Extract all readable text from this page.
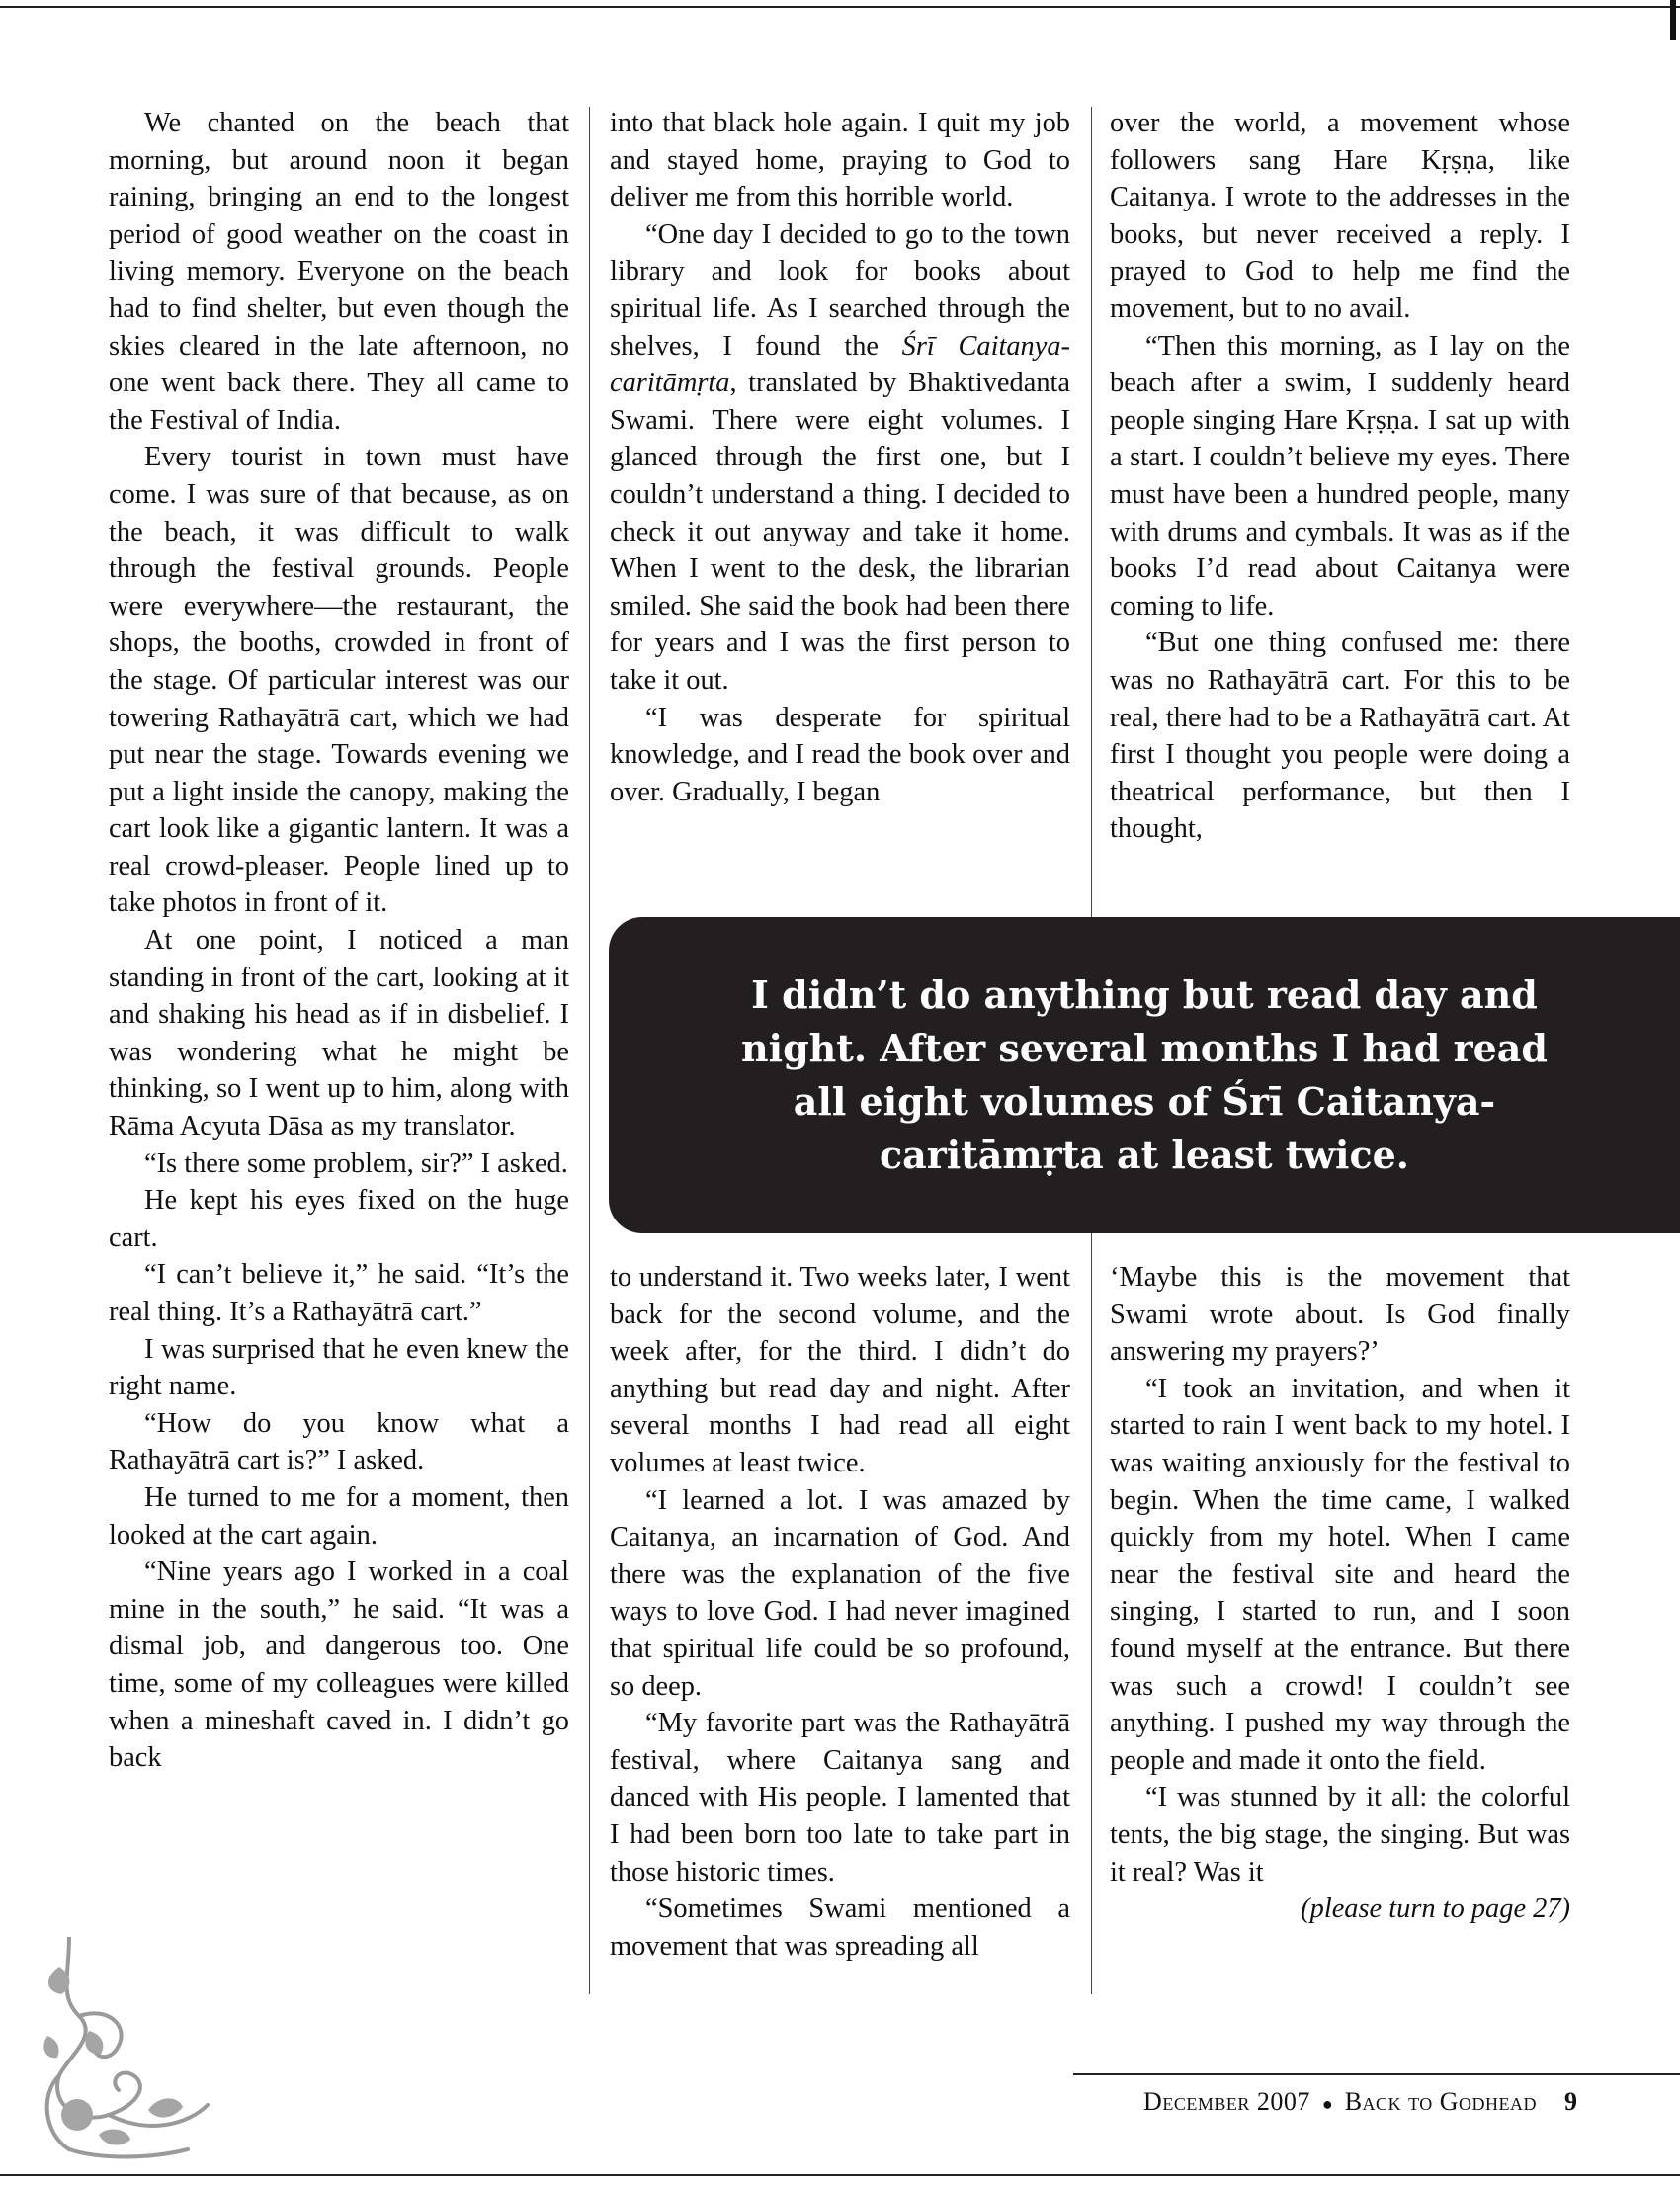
We chanted on the beach that morning, but around noon it began raining, bringing an end to the longest period of good weather on the coast in living memory. Everyone on the beach had to find shelter, but even though the skies cleared in the late afternoon, no one went back there. They all came to the Festival of India.

Every tourist in town must have come. I was sure of that because, as on the beach, it was difficult to walk through the festival grounds. People were everywhere—the restaurant, the shops, the booths, crowded in front of the stage. Of particular interest was our towering Rathayātrā cart, which we had put near the stage. Towards evening we put a light inside the canopy, making the cart look like a gigantic lantern. It was a real crowd-pleaser. People lined up to take photos in front of it.

At one point, I noticed a man standing in front of the cart, looking at it and shaking his head as if in disbelief. I was wondering what he might be thinking, so I went up to him, along with Rāma Acyuta Dāsa as my translator.

“Is there some problem, sir?” I asked.

He kept his eyes fixed on the huge cart.

“I can’t believe it,” he said. “It’s the real thing. It’s a Rathayātrā cart.”

I was surprised that he even knew the right name.

“How do you know what a Rathayātrā cart is?” I asked.

He turned to me for a moment, then looked at the cart again.

“Nine years ago I worked in a coal mine in the south,” he said. “It was a dismal job, and dangerous too. One time, some of my colleagues were killed when a mineshaft caved in. I didn’t go back

into that black hole again. I quit my job and stayed home, praying to God to deliver me from this horrible world.

“One day I decided to go to the town library and look for books about spiritual life. As I searched through the shelves, I found the Śrī Caitanya-caritāmṛta, translated by Bhaktivedanta Swami. There were eight volumes. I glanced through the first one, but I couldn’t understand a thing. I decided to check it out anyway and take it home. When I went to the desk, the librarian smiled. She said the book had been there for years and I was the first person to take it out.

“I was desperate for spiritual knowledge, and I read the book over and over. Gradually, I began

to understand it. Two weeks later, I went back for the second volume, and the week after, for the third. I didn’t do anything but read day and night. After several months I had read all eight volumes at least twice.

“I learned a lot. I was amazed by Caitanya, an incarnation of God. And there was the explanation of the five ways to love God. I had never imagined that spiritual life could be so profound, so deep.

“My favorite part was the Rathayātrā festival, where Caitanya sang and danced with His people. I lamented that I had been born too late to take part in those historic times.

“Sometimes Swami mentioned a movement that was spreading all

over the world, a movement whose followers sang Hare Kṛṣṇa, like Caitanya. I wrote to the addresses in the books, but never received a reply. I prayed to God to help me find the movement, but to no avail.

“Then this morning, as I lay on the beach after a swim, I suddenly heard people singing Hare Kṛṣṇa. I sat up with a start. I couldn’t believe my eyes. There must have been a hundred people, many with drums and cymbals. It was as if the books I’d read about Caitanya were coming to life.

“But one thing confused me: there was no Rathayātrā cart. For this to be real, there had to be a Rathayātrā cart. At first I thought you people were doing a theatrical performance, but then I thought,

‘Maybe this is the movement that Swami wrote about. Is God finally answering my prayers?’

“I took an invitation, and when it started to rain I went back to my hotel. I was waiting anxiously for the festival to begin. When the time came, I walked quickly from my hotel. When I came near the festival site and heard the singing, I started to run, and I soon found myself at the entrance. But there was such a crowd! I couldn’t see anything. I pushed my way through the people and made it onto the field.

“I was stunned by it all: the colorful tents, the big stage, the singing. But was it real? Was it

(please turn to page 27)

I didn’t do anything but read day and night. After several months I had read all eight volumes of Śrī Caitanya-caritāmṛta at least twice.

December 2007 ● Back to Godhead 9
